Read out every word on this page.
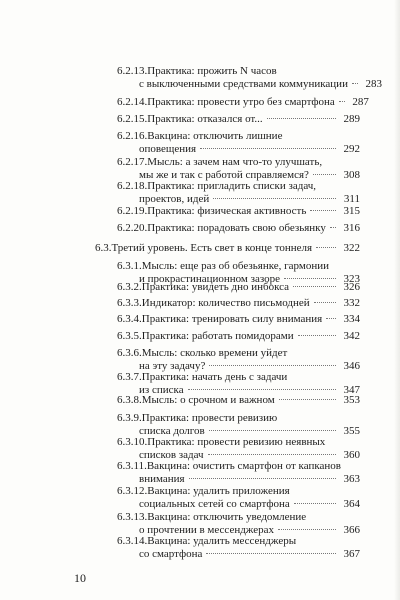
6.2.13.Практика: прожить N часов
с выключенными средствами коммуникации	283
6.2.14.Практика: провести утро без смартфона	287
6.2.15.Практика: отказался от...	289
6.2.16.Вакцина: отключить лишние
оповещения	292
6.2.17.Мысль: а зачем нам что-то улучшать,
мы же и так с работой справляемся?	308
6.2.18.Практика: пригладить списки задач,
проектов, идей	311
6.2.19.Практика: физическая активность	315
6.2.20.Практика: порадовать свою обезьянку	316
6.3.Третий уровень. Есть свет в конце тоннеля	322
6.3.1.Мысль: еще раз об обезьянке, гармонии
и прокрастинационном зазоре	323
6.3.2.Практика: увидеть дно инбокса	326
6.3.3.Индикатор: количество письмодней	332
6.3.4.Практика: тренировать силу внимания	334
6.3.5.Практика: работать помидорами	342
6.3.6.Мысль: сколько времени уйдет
на эту задачу?	346
6.3.7.Практика: начать день с задачи
из списка	347
6.3.8.Мысль: о срочном и важном	353
6.3.9.Практика: провести ревизию
списка долгов	355
6.3.10.Практика: провести ревизию неявных
списков задач	360
6.3.11.Вакцина: очистить смартфон от капканов
внимания	363
6.3.12.Вакцина: удалить приложения
социальных сетей со смартфона	364
6.3.13.Вакцина: отключить уведомление
о прочтении в мессенджерах	366
6.3.14.Вакцина: удалить мессенджеры
со смартфона	367
10
